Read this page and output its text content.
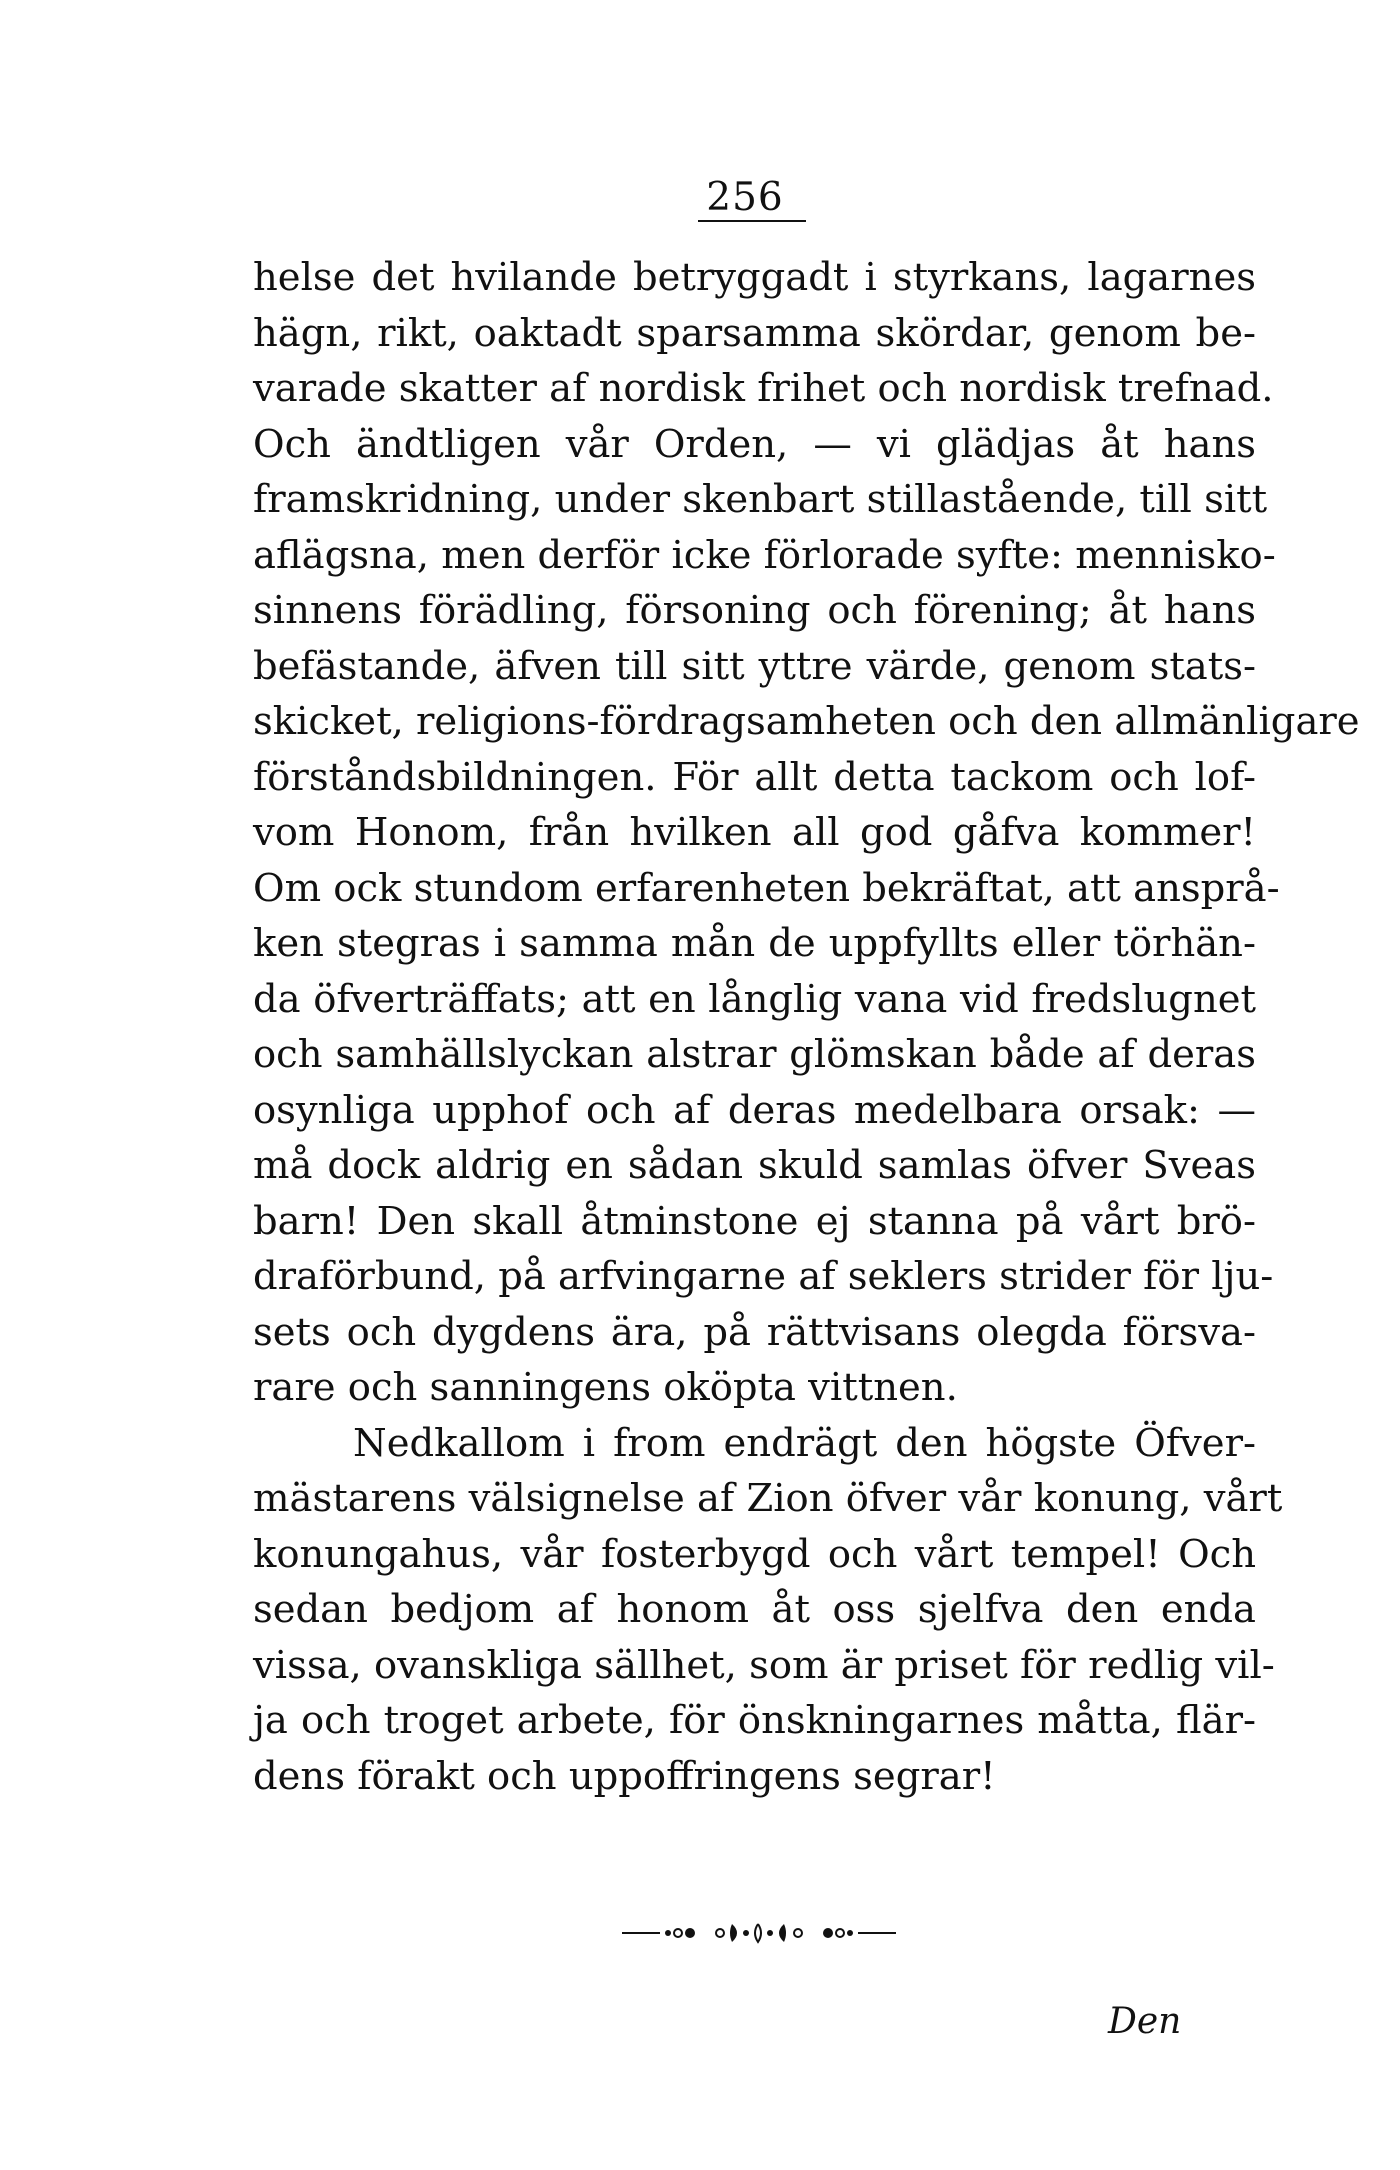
256
helse det hvilande betryggadt i styrkans, lagarnes
hägn, rikt, oaktadt sparsamma skördar, genom be-
varade skatter af nordisk frihet och nordisk trefnad.
Och ändtligen vår Orden, — vi glädjas åt hans
framskridning, under skenbart stillastående, till sitt
aflägsna, men derför icke förlorade syfte: mennisko-
sinnens förädling, försoning och förening; åt hans
befästande, äfven till sitt yttre värde, genom stats-
skicket, religions-fördragsamheten och den allmänligare
förståndsbildningen. För allt detta tackom och lof-
vom Honom, från hvilken all god gåfva kommer!
Om ock stundom erfarenheten bekräftat, att ansprå-
ken stegras i samma mån de uppfyllts eller törhän-
da öfverträffats; att en långlig vana vid fredslugnet
och samhällslyckan alstrar glömskan både af deras
osynliga upphof och af deras medelbara orsak: —
må dock aldrig en sådan skuld samlas öfver Sveas
barn! Den skall åtminstone ej stanna på vårt brö-
draförbund, på arfvingarne af seklers strider för lju-
sets och dygdens ära, på rättvisans olegda försva-
rare och sanningens oköpta vittnen.
Nedkallom i from endrägt den högste Öfver-
mästarens välsignelse af Zion öfver vår konung, vårt
konungahus, vår fosterbygd och vårt tempel! Och
sedan bedjom af honom åt oss sjelfva den enda
vissa, ovanskliga sällhet, som är priset för redlig vil-
ja och troget arbete, för önskningarnes måtta, flär-
dens förakt och uppoffringens segrar!
Den
